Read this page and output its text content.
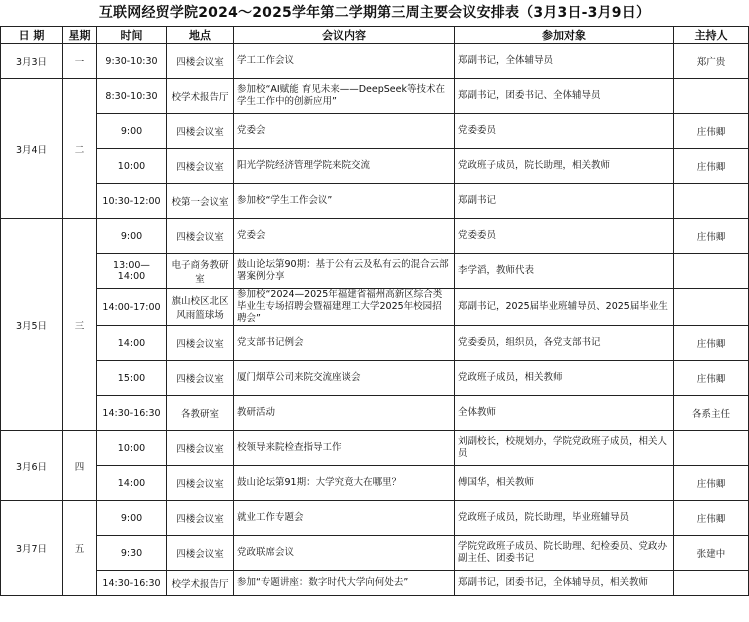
互联网经贸学院2024～2025学年第二学期第三周主要会议安排表（3月3日-3月9日）
日 期	星期	时间	地点	会议内容	参加对象	主持人
3月3日	一	9:30-10:30	四楼会议室	学工工作会议	郑副书记，全体辅导员	郑广贵
3月4日	二	8:30-10:30	校学术报告厅	参加校“AI赋能 育见未来——DeepSeek等技术在学生工作中的创新应用”	郑副书记，团委书记、全体辅导员	
		9:00	四楼会议室	党委会	党委委员	庄伟卿
		10:00	四楼会议室	阳光学院经济管理学院来院交流	党政班子成员，院长助理，相关教师	庄伟卿
		10:30-12:00	校第一会议室	参加校“学生工作会议”	郑副书记	
3月5日	三	9:00	四楼会议室	党委会	党委委员	庄伟卿
		13:00—14:00	电子商务教研室	鼓山论坛第90期：基于公有云及私有云的混合云部署案例分享	李学滔，教师代表	
		14:00-17:00	旗山校区北区风雨篮球场	参加校“2024—2025年福建省福州高新区综合类毕业生专场招聘会暨福建理工大学2025年校园招聘会”	郑副书记，2025届毕业班辅导员、2025届毕业生	
		14:00	四楼会议室	党支部书记例会	党委委员，组织员，各党支部书记	庄伟卿
		15:00	四楼会议室	厦门烟草公司来院交流座谈会	党政班子成员，相关教师	庄伟卿
		14:30-16:30	各教研室	教研活动	全体教师	各系主任
3月6日	四	10:00	四楼会议室	校领导来院检查指导工作	刘副校长，校规划办，学院党政班子成员，相关人员	
		14:00	四楼会议室	鼓山论坛第91期：大学究竟大在哪里？	傅国华，相关教师	庄伟卿
3月7日	五	9:00	四楼会议室	就业工作专题会	党政班子成员，院长助理，毕业班辅导员	庄伟卿
		9:30	四楼会议室	党政联席会议	学院党政班子成员、院长助理、纪检委员、党政办副主任、团委书记	张建中
		14:30-16:30	校学术报告厅	参加“专题讲座：数字时代大学向何处去”	郑副书记，团委书记，全体辅导员，相关教师	
